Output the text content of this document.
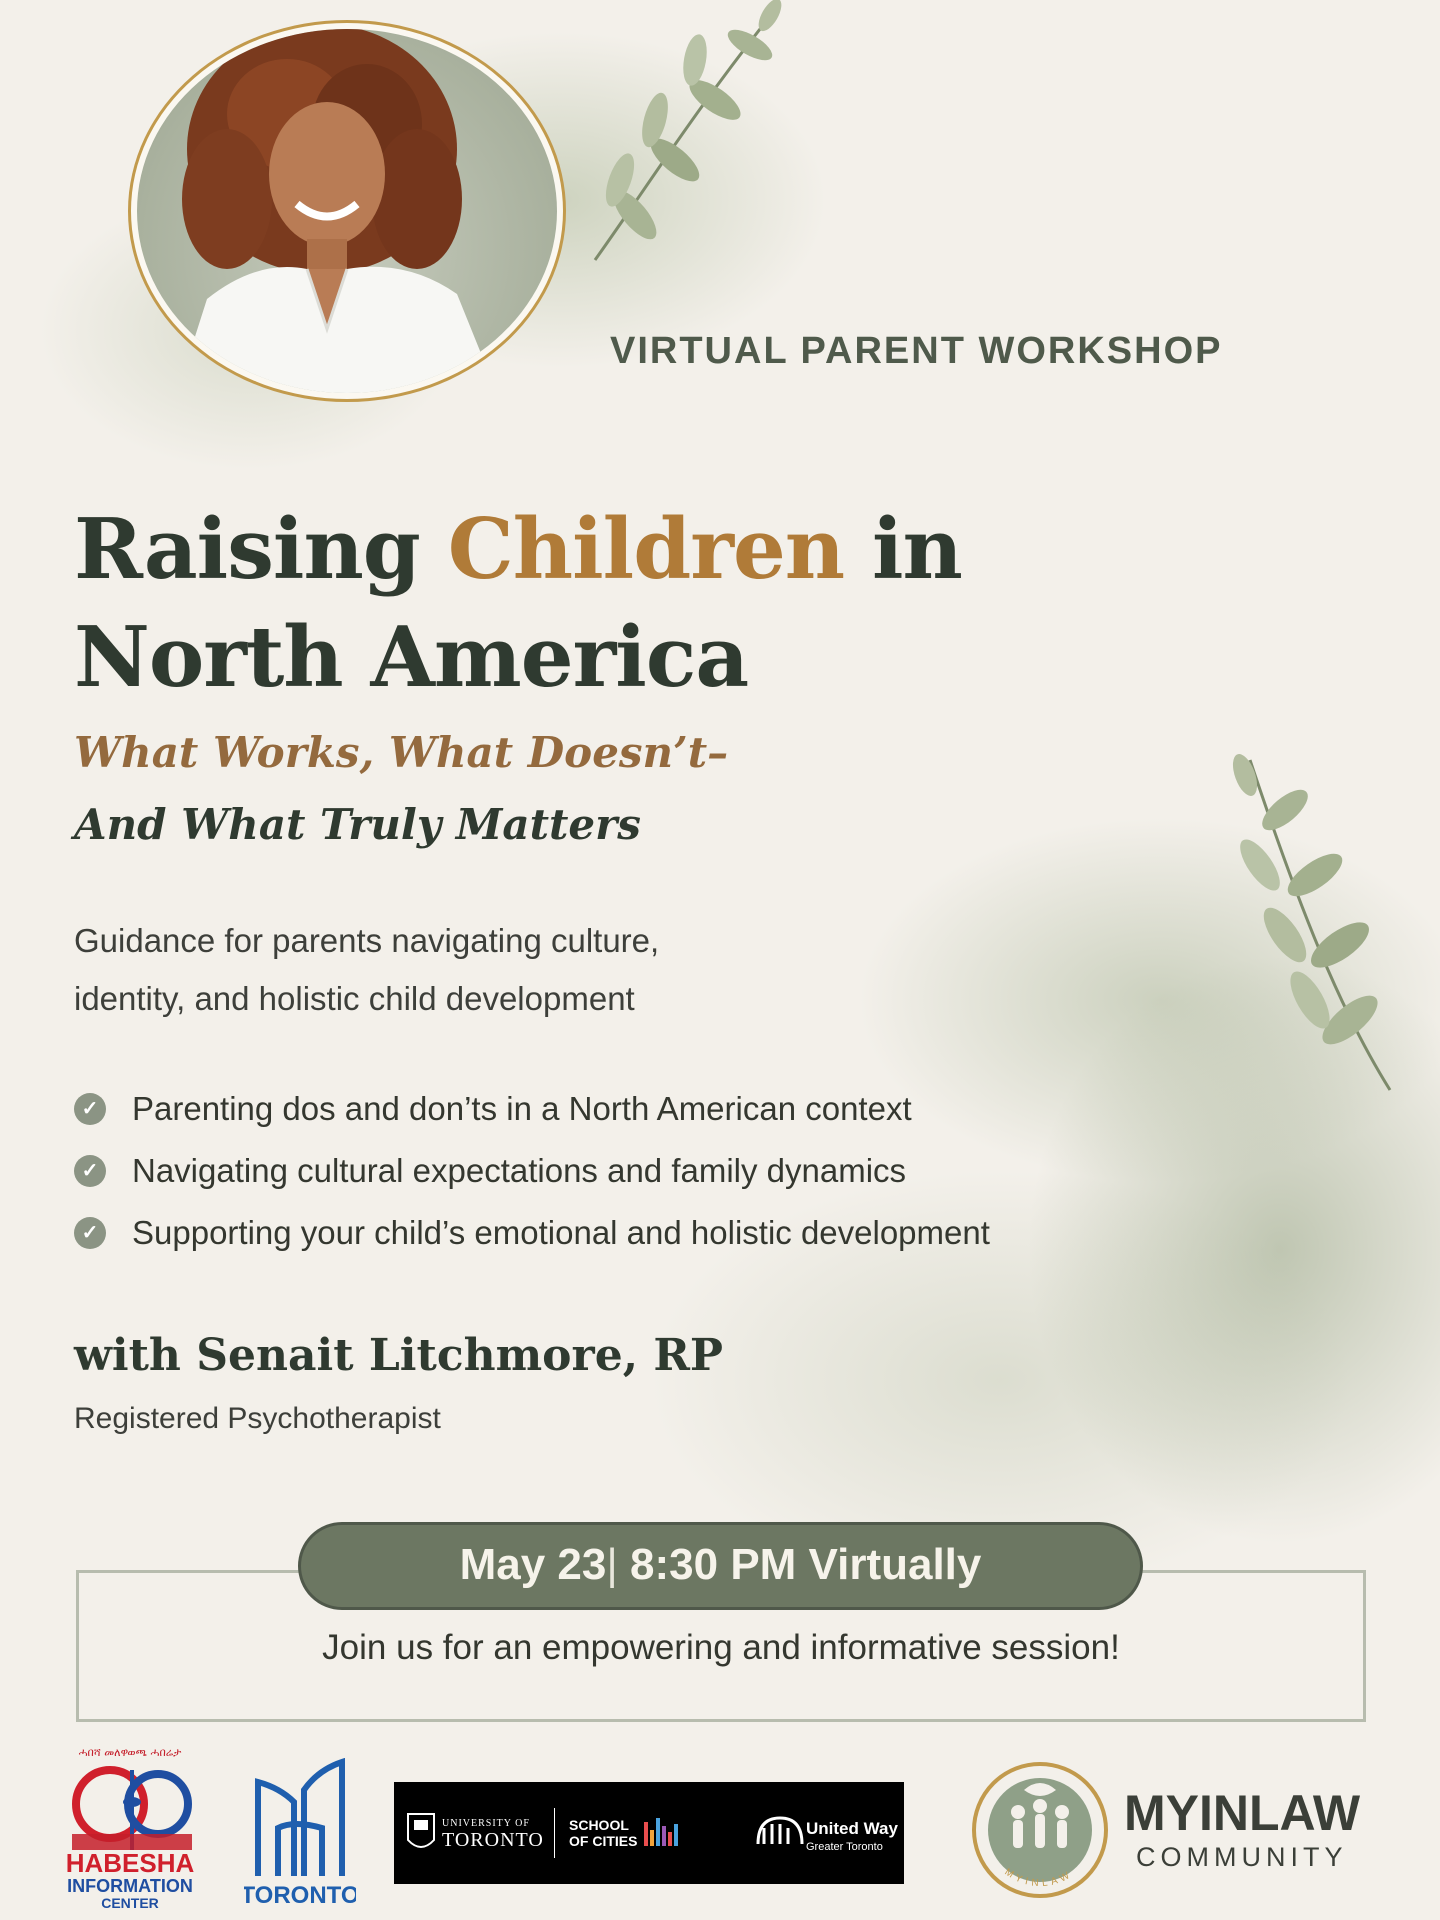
VIRTUAL PARENT WORKSHOP
Raising Children in
North America
What Works, What Doesn’t–
And What Truly Matters
Guidance for parents navigating culture,
identity, and holistic child development
✓ Parenting dos and don’ts in a North American context
✓ Navigating cultural expectations and family dynamics
✓ Supporting your child’s emotional and holistic development
with Senait Litchmore, RP
Registered Psychotherapist
May 23| 8:30 PM Virtually
Join us for an empowering and informative session!
ሓበሻ መለዋወጫ ሓበሬታ
HABESHA
INFORMATION
CENTER	TORONTO
UNIVERSITY OF
TORONTO
SCHOOL
OF CITIES
United Way
Greater Toronto
MYINLAW
MYINLAW
COMMUNITY
